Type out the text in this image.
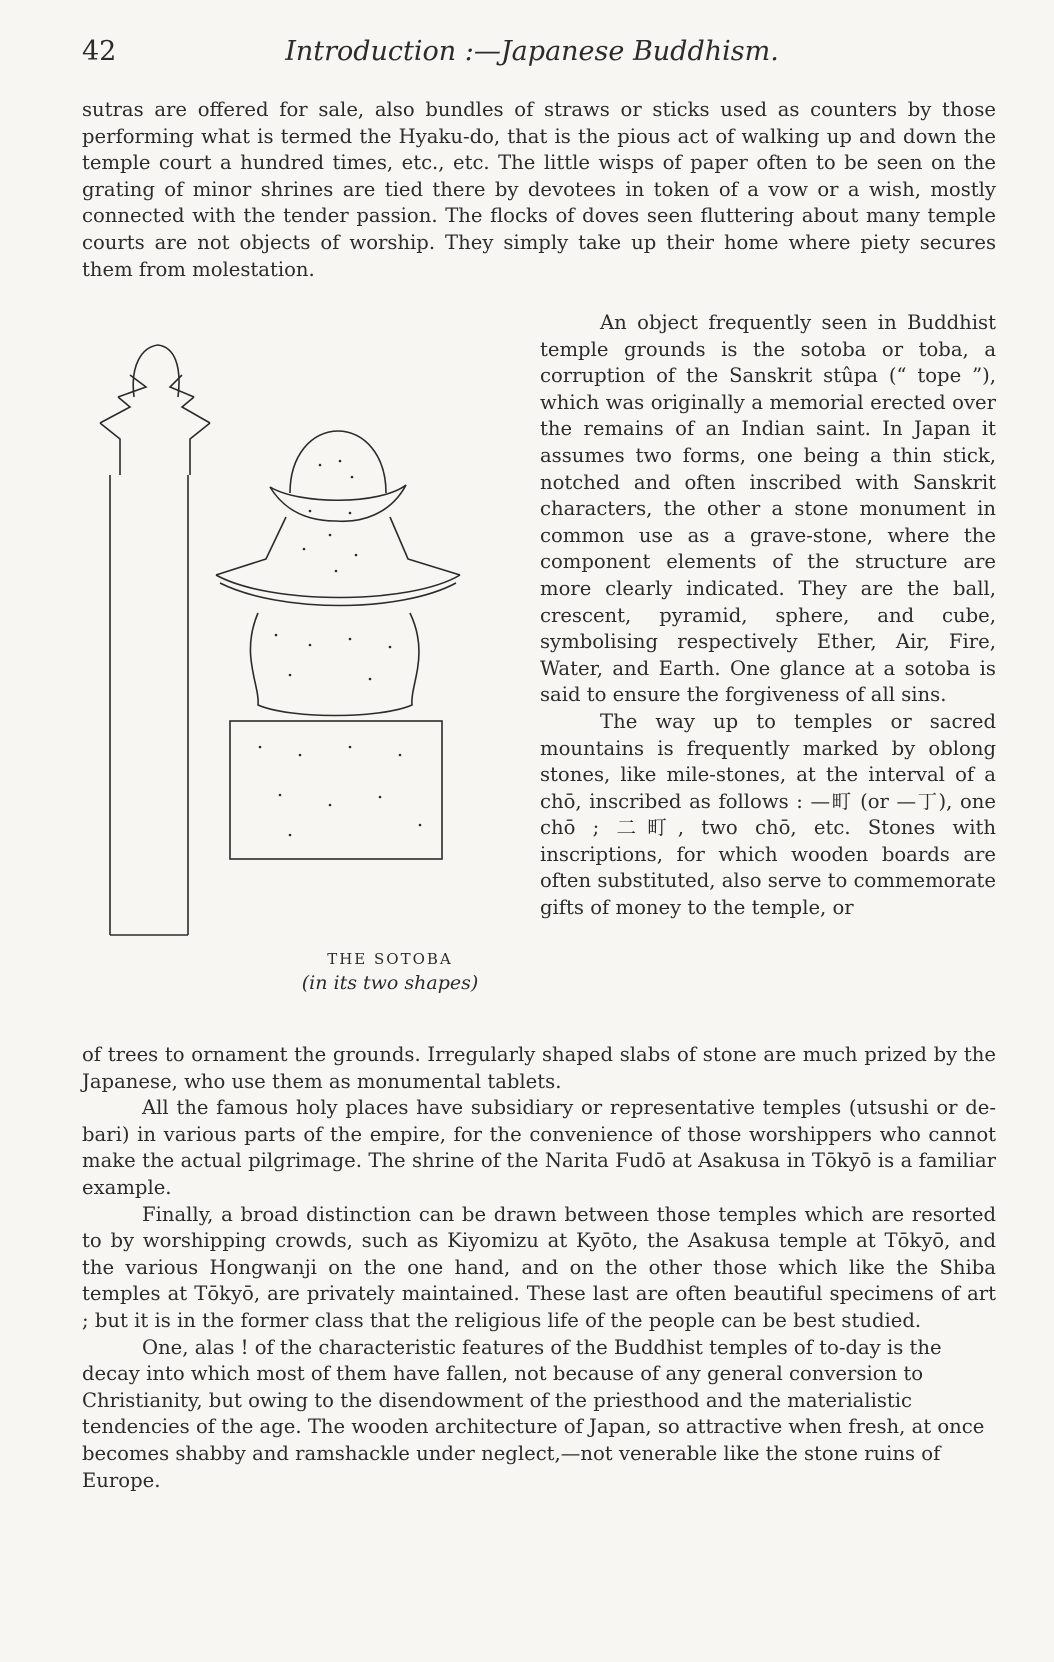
42	Introduction :—Japanese Buddhism.

sutras are offered for sale, also bundles of straws or sticks used as counters by those performing what is termed the Hyaku-do, that is the pious act of walking up and down the temple court a hundred times, etc., etc. The little wisps of paper often to be seen on the grating of minor shrines are tied there by devotees in token of a vow or a wish, mostly connected with the tender passion. The flocks of doves seen fluttering about many temple courts are not objects of worship. They simply take up their home where piety secures them from molestation.

THE SOTOBA
(in its two shapes)

An object frequently seen in Buddhist temple grounds is the sotoba or toba, a corruption of the Sanskrit stûpa (“ tope ”), which was originally a memorial erected over the remains of an Indian saint. In Japan it assumes two forms, one being a thin stick, notched and often inscribed with Sanskrit characters, the other a stone monument in common use as a grave-stone, where the component elements of the structure are more clearly indicated. They are the ball, crescent, pyramid, sphere, and cube, symbolising respectively Ether, Air, Fire, Water, and Earth. One glance at a sotoba is said to ensure the forgiveness of all sins.

The way up to temples or sacred mountains is frequently marked by oblong stones, like mile-stones, at the interval of a chō, inscribed as follows : —町 (or —丁), one chō ; 二町, two chō, etc. Stones with inscriptions, for which wooden boards are often substituted, also serve to commemorate gifts of money to the temple, or

of trees to ornament the grounds. Irregularly shaped slabs of stone are much prized by the Japanese, who use them as monumental tablets.

All the famous holy places have subsidiary or representative temples (utsushi or de-bari) in various parts of the empire, for the convenience of those worshippers who cannot make the actual pilgrimage. The shrine of the Narita Fudō at Asakusa in Tōkyō is a familiar example.

Finally, a broad distinction can be drawn between those temples which are resorted to by worshipping crowds, such as Kiyomizu at Kyōto, the Asakusa temple at Tōkyō, and the various Hongwanji on the one hand, and on the other those which like the Shiba temples at Tōkyō, are privately maintained. These last are often beautiful specimens of art ; but it is in the former class that the religious life of the people can be best studied.

One, alas ! of the characteristic features of the Buddhist temples of to-day is the decay into which most of them have fallen, not because of any general conversion to Christianity, but owing to the disendowment of the priesthood and the materialistic tendencies of the age. The wooden architecture of Japan, so attractive when fresh, at once becomes shabby and ramshackle under neglect,—not venerable like the stone ruins of Europe.
